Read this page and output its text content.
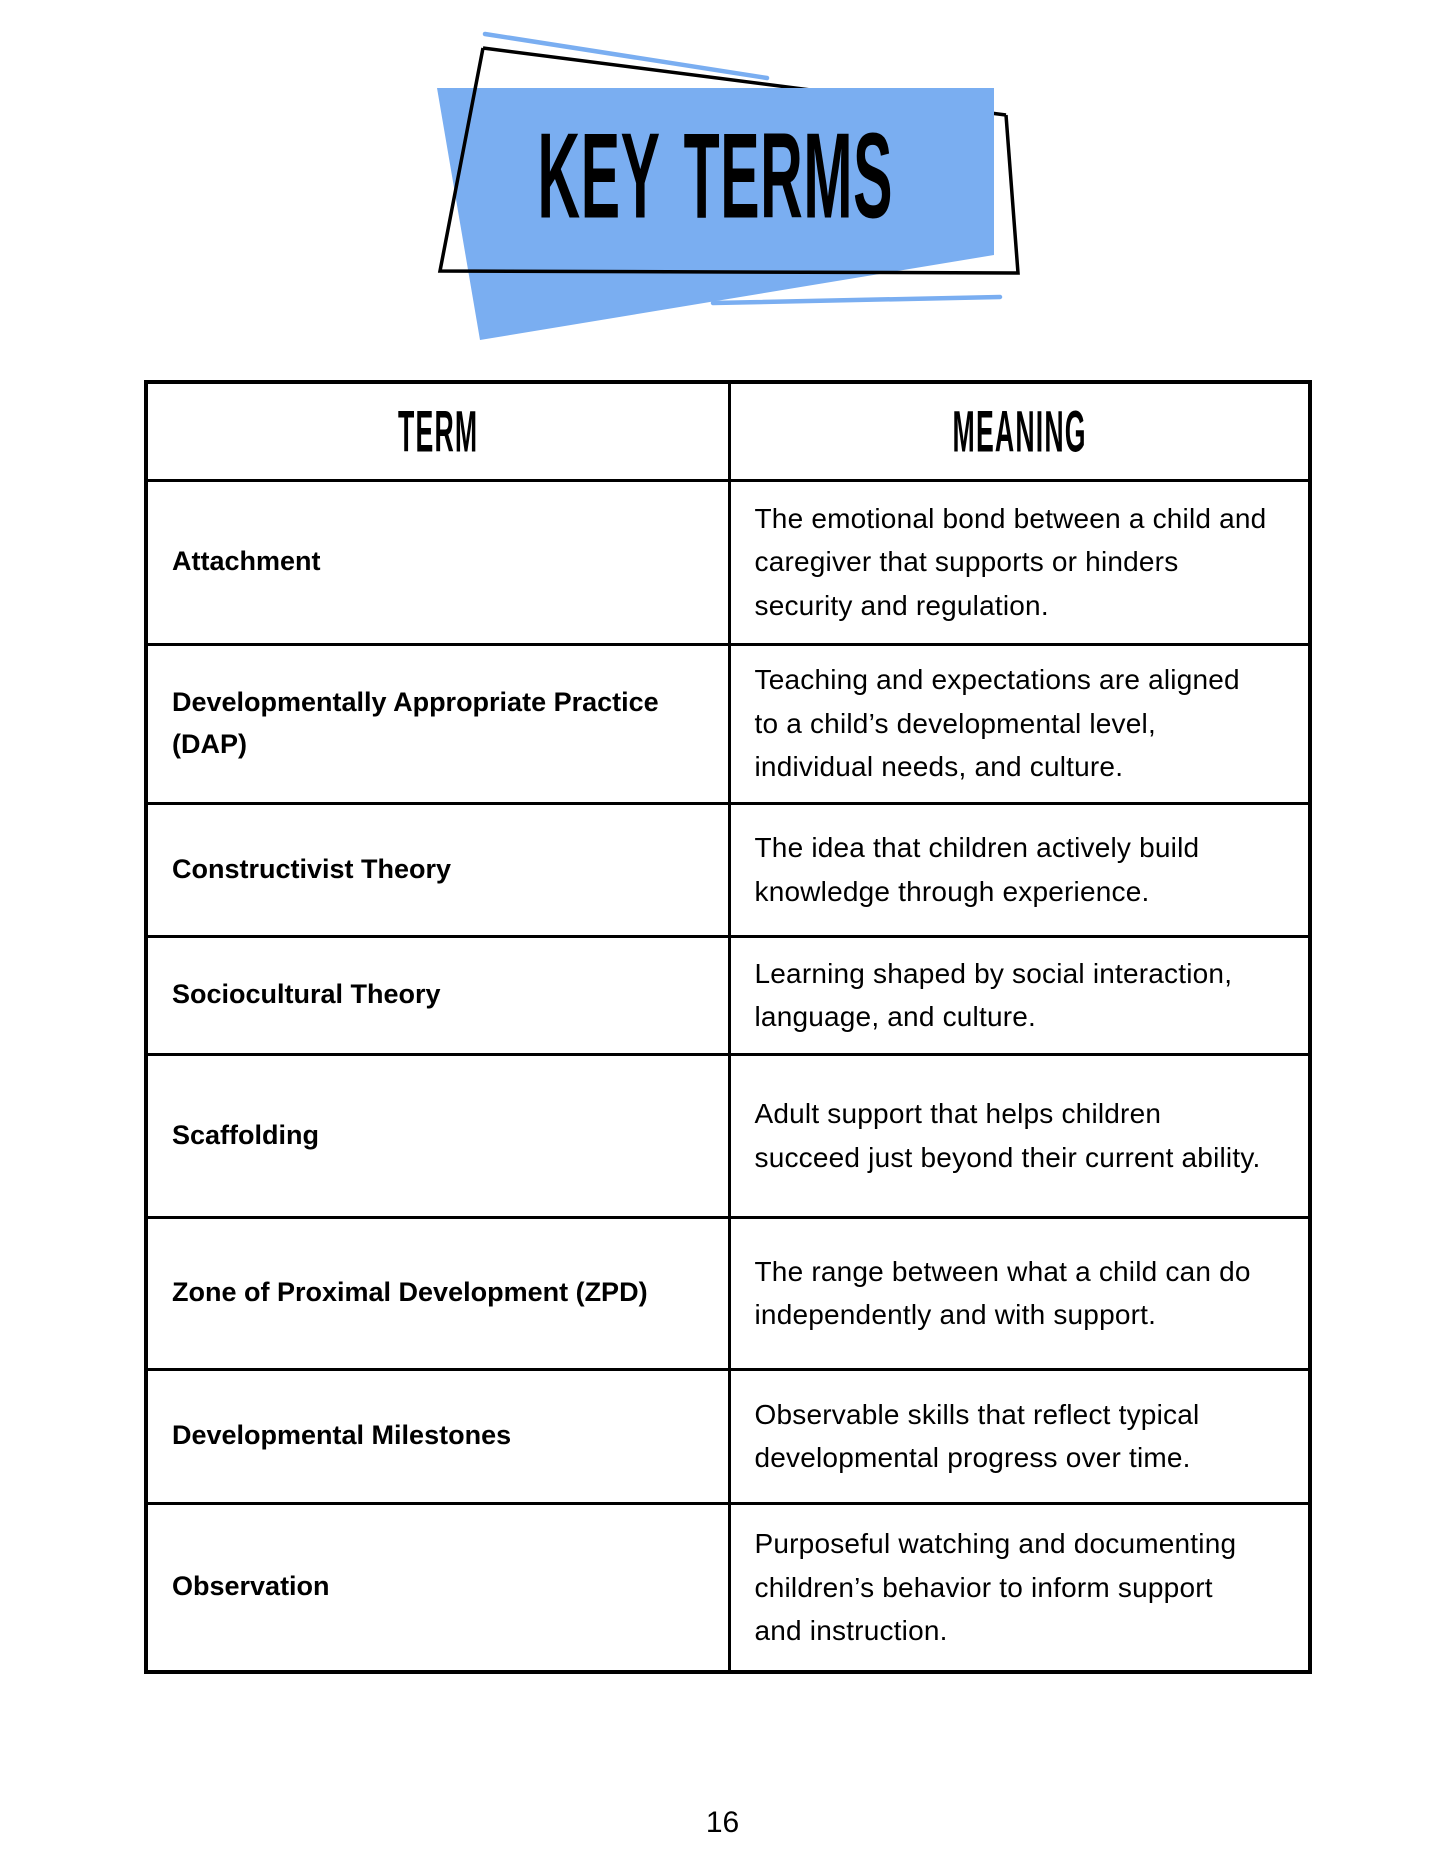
KEY TERMS
TERM	MEANING
Attachment	The emotional bond between a child and caregiver that supports or hinders security and regulation.
Developmentally Appropriate Practice (DAP)	Teaching and expectations are aligned to a child’s developmental level, individual needs, and culture.
Constructivist Theory	The idea that children actively build knowledge through experience.
Sociocultural Theory	Learning shaped by social interaction, language, and culture.
Scaffolding	Adult support that helps children succeed just beyond their current ability.
Zone of Proximal Development (ZPD)	The range between what a child can do independently and with support.
Developmental Milestones	Observable skills that reflect typical developmental progress over time.
Observation	Purposeful watching and documenting children’s behavior to inform support and instruction.
16
